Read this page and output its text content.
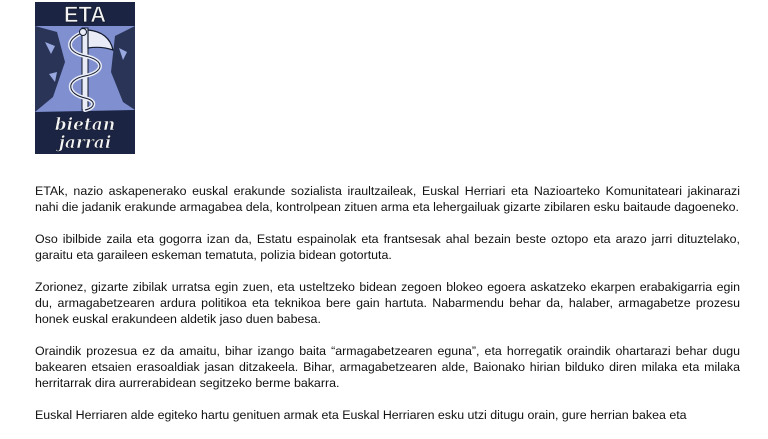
ETA
bietan
jarrai

ETAk, nazio askapenerako euskal erakunde sozialista iraultzaileak, Euskal Herriari eta Nazioarteko Komunitateari jakinarazi nahi die jadanik erakunde armagabea dela, kontrolpean zituen arma eta lehergailuak gizarte zibilaren esku baitaude dagoeneko.

Oso ibilbide zaila eta gogorra izan da, Estatu espainolak eta frantsesak ahal bezain beste oztopo eta arazo jarri dituztelako, garaitu eta garaileen eskeman tematuta, polizia bidean gotortuta.

Zorionez, gizarte zibilak urratsa egin zuen, eta usteltzeko bidean zegoen blokeo egoera askatzeko ekarpen erabakigarria egin du, armagabetzearen ardura politikoa eta teknikoa bere gain hartuta. Nabarmendu behar da, halaber, armagabetze prozesu honek euskal erakundeen aldetik jaso duen babesa.

Oraindik prozesua ez da amaitu, bihar izango baita “armagabetzearen eguna”, eta horregatik oraindik ohartarazi behar dugu bakearen etsaien erasoaldiak jasan ditzakeela. Bihar, armagabetzearen alde, Baionako hirian bilduko diren milaka eta milaka herritarrak dira aurrerabidean segitzeko berme bakarra.

Euskal Herriaren alde egiteko hartu genituen armak eta Euskal Herriaren esku utzi ditugu orain, gure herrian bakea eta
